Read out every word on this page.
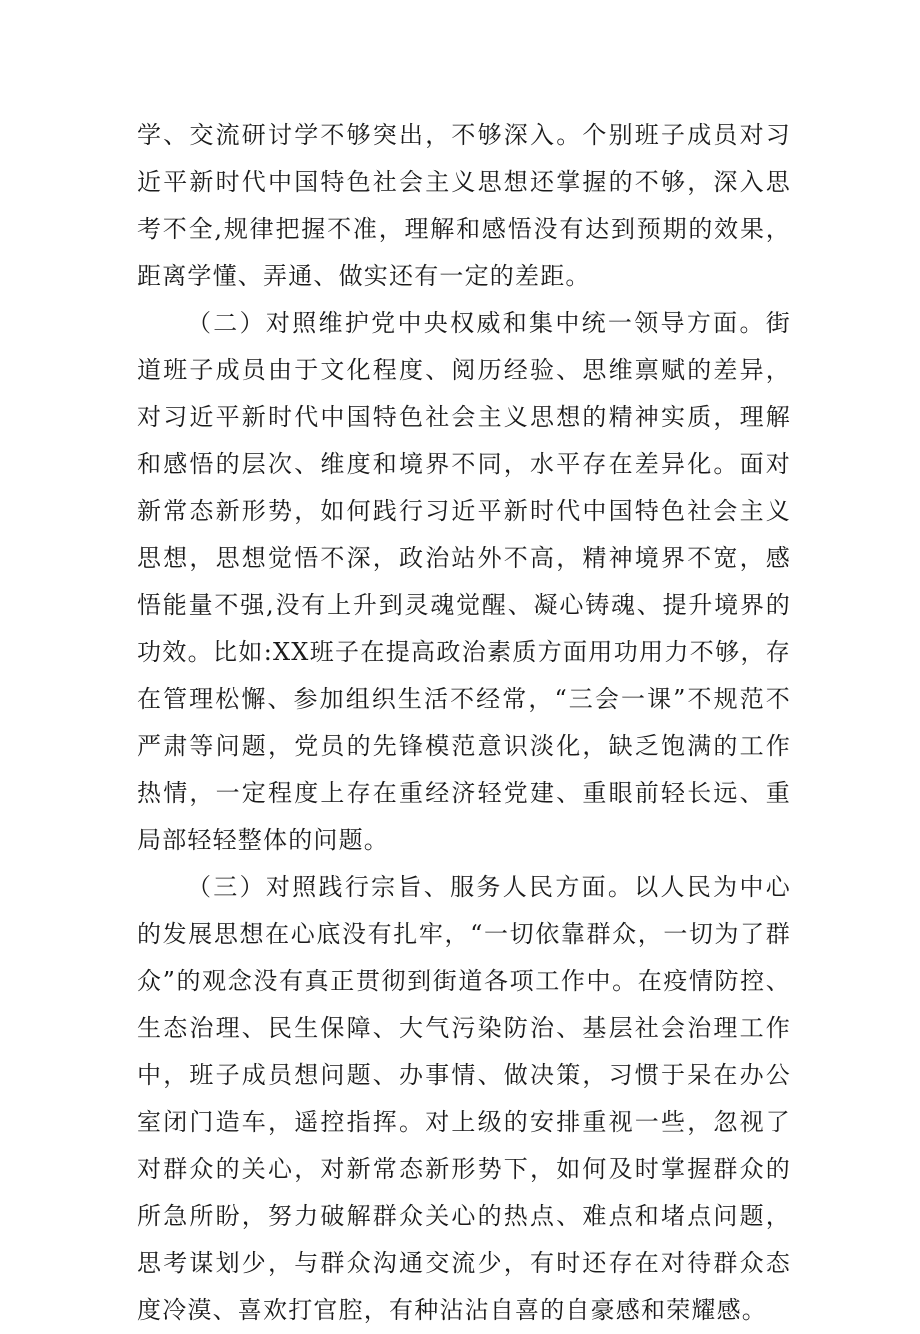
学、交流研讨学不够突出，不够深入。个别班子成员对习近平新时代中国特色社会主义思想还掌握的不够，深入思考不全,规律把握不准，理解和感悟没有达到预期的效果，距离学懂、弄通、做实还有一定的差距。

（二）对照维护党中央权威和集中统一领导方面。街道班子成员由于文化程度、阅历经验、思维禀赋的差异，对习近平新时代中国特色社会主义思想的精神实质，理解和感悟的层次、维度和境界不同，水平存在差异化。面对新常态新形势，如何践行习近平新时代中国特色社会主义思想，思想觉悟不深，政治站外不高，精神境界不宽，感悟能量不强,没有上升到灵魂觉醒、凝心铸魂、提升境界的功效。比如:XX班子在提高政治素质方面用功用力不够，存在管理松懈、参加组织生活不经常，“三会一课”不规范不严肃等问题，党员的先锋模范意识淡化，缺乏饱满的工作热情，一定程度上存在重经济轻党建、重眼前轻长远、重局部轻轻整体的问题。

（三）对照践行宗旨、服务人民方面。以人民为中心的发展思想在心底没有扎牢，“一切依靠群众，一切为了群众”的观念没有真正贯彻到街道各项工作中。在疫情防控、生态治理、民生保障、大气污染防治、基层社会治理工作中，班子成员想问题、办事情、做决策，习惯于呆在办公室闭门造车，遥控指挥。对上级的安排重视一些，忽视了对群众的关心，对新常态新形势下，如何及时掌握群众的所急所盼，努力破解群众关心的热点、难点和堵点问题，思考谋划少，与群众沟通交流少，有时还存在对待群众态度冷漠、喜欢打官腔，有种沾沾自喜的自豪感和荣耀感。
